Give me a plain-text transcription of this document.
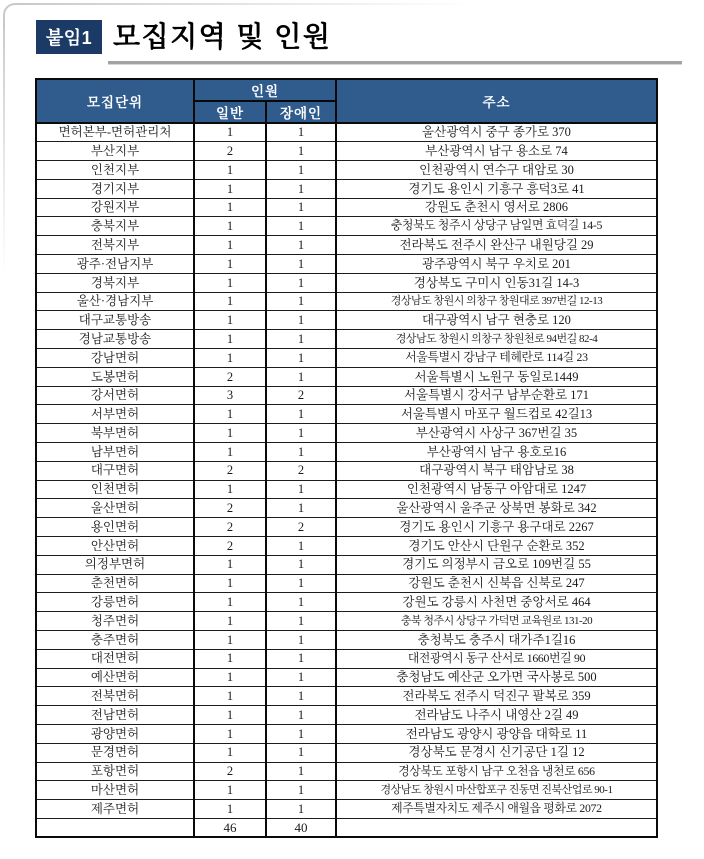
붙임1 모집지역 및 인원
모집단위	인원		주소
	일반	장애인	
면허본부-면허관리처	1	1	울산광역시 중구 종가로 370
부산지부	2	1	부산광역시 남구 용소로 74
인천지부	1	1	인천광역시 연수구 대암로 30
경기지부	1	1	경기도 용인시 기흥구 흥덕3로 41
강원지부	1	1	강원도 춘천시 영서로 2806
충북지부	1	1	충청북도 청주시 상당구 남일면 효덕길 14-5
전북지부	1	1	전라북도 전주시 완산구 내원당길 29
광주·전남지부	1	1	광주광역시 북구 우치로 201
경북지부	1	1	경상북도 구미시 인동31길 14-3
울산·경남지부	1	1	경상남도 창원시 의창구 창원대로 397번길 12-13
대구교통방송	1	1	대구광역시 남구 현충로 120
경남교통방송	1	1	경상남도 창원시 의창구 창원천로 94번길 82-4
강남면허	1	1	서울특별시 강남구 테헤란로 114길 23
도봉면허	2	1	서울특별시 노원구 동일로1449
강서면허	3	2	서울특별시 강서구 남부순환로 171
서부면허	1	1	서울특별시 마포구 월드컵로 42길13
북부면허	1	1	부산광역시 사상구 367번길 35
남부면허	1	1	부산광역시 남구 용호로16
대구면허	2	2	대구광역시 북구 태암남로 38
인천면허	1	1	인천광역시 남동구 아암대로 1247
울산면허	2	1	울산광역시 울주군 상북면 봉화로 342
용인면허	2	2	경기도 용인시 기흥구 용구대로 2267
안산면허	2	1	경기도 안산시 단원구 순환로 352
의정부면허	1	1	경기도 의정부시 금오로 109번길 55
춘천면허	1	1	강원도 춘천시 신북읍 신북로 247
강릉면허	1	1	강원도 강릉시 사천면 중앙서로 464
청주면허	1	1	충북 청주시 상당구 가덕면 교육원로 131-20
충주면허	1	1	충청북도 충주시 대가주1길16
대전면허	1	1	대전광역시 동구 산서로 1660번길 90
예산면허	1	1	충청남도 예산군 오가면 국사봉로 500
전북면허	1	1	전라북도 전주시 덕진구 팔복로 359
전남면허	1	1	전라남도 나주시 내영산 2길 49
광양면허	1	1	전라남도 광양시 광양읍 대학로 11
문경면허	1	1	경상북도 문경시 신기공단 1길 12
포항면허	2	1	경상북도 포항시 남구 오천읍 냉천로 656
마산면허	1	1	경상남도 창원시 마산합포구 진동면 진북산업로 90-1
제주면허	1	1	제주특별자치도 제주시 애월읍 평화로 2072
	46	40	
